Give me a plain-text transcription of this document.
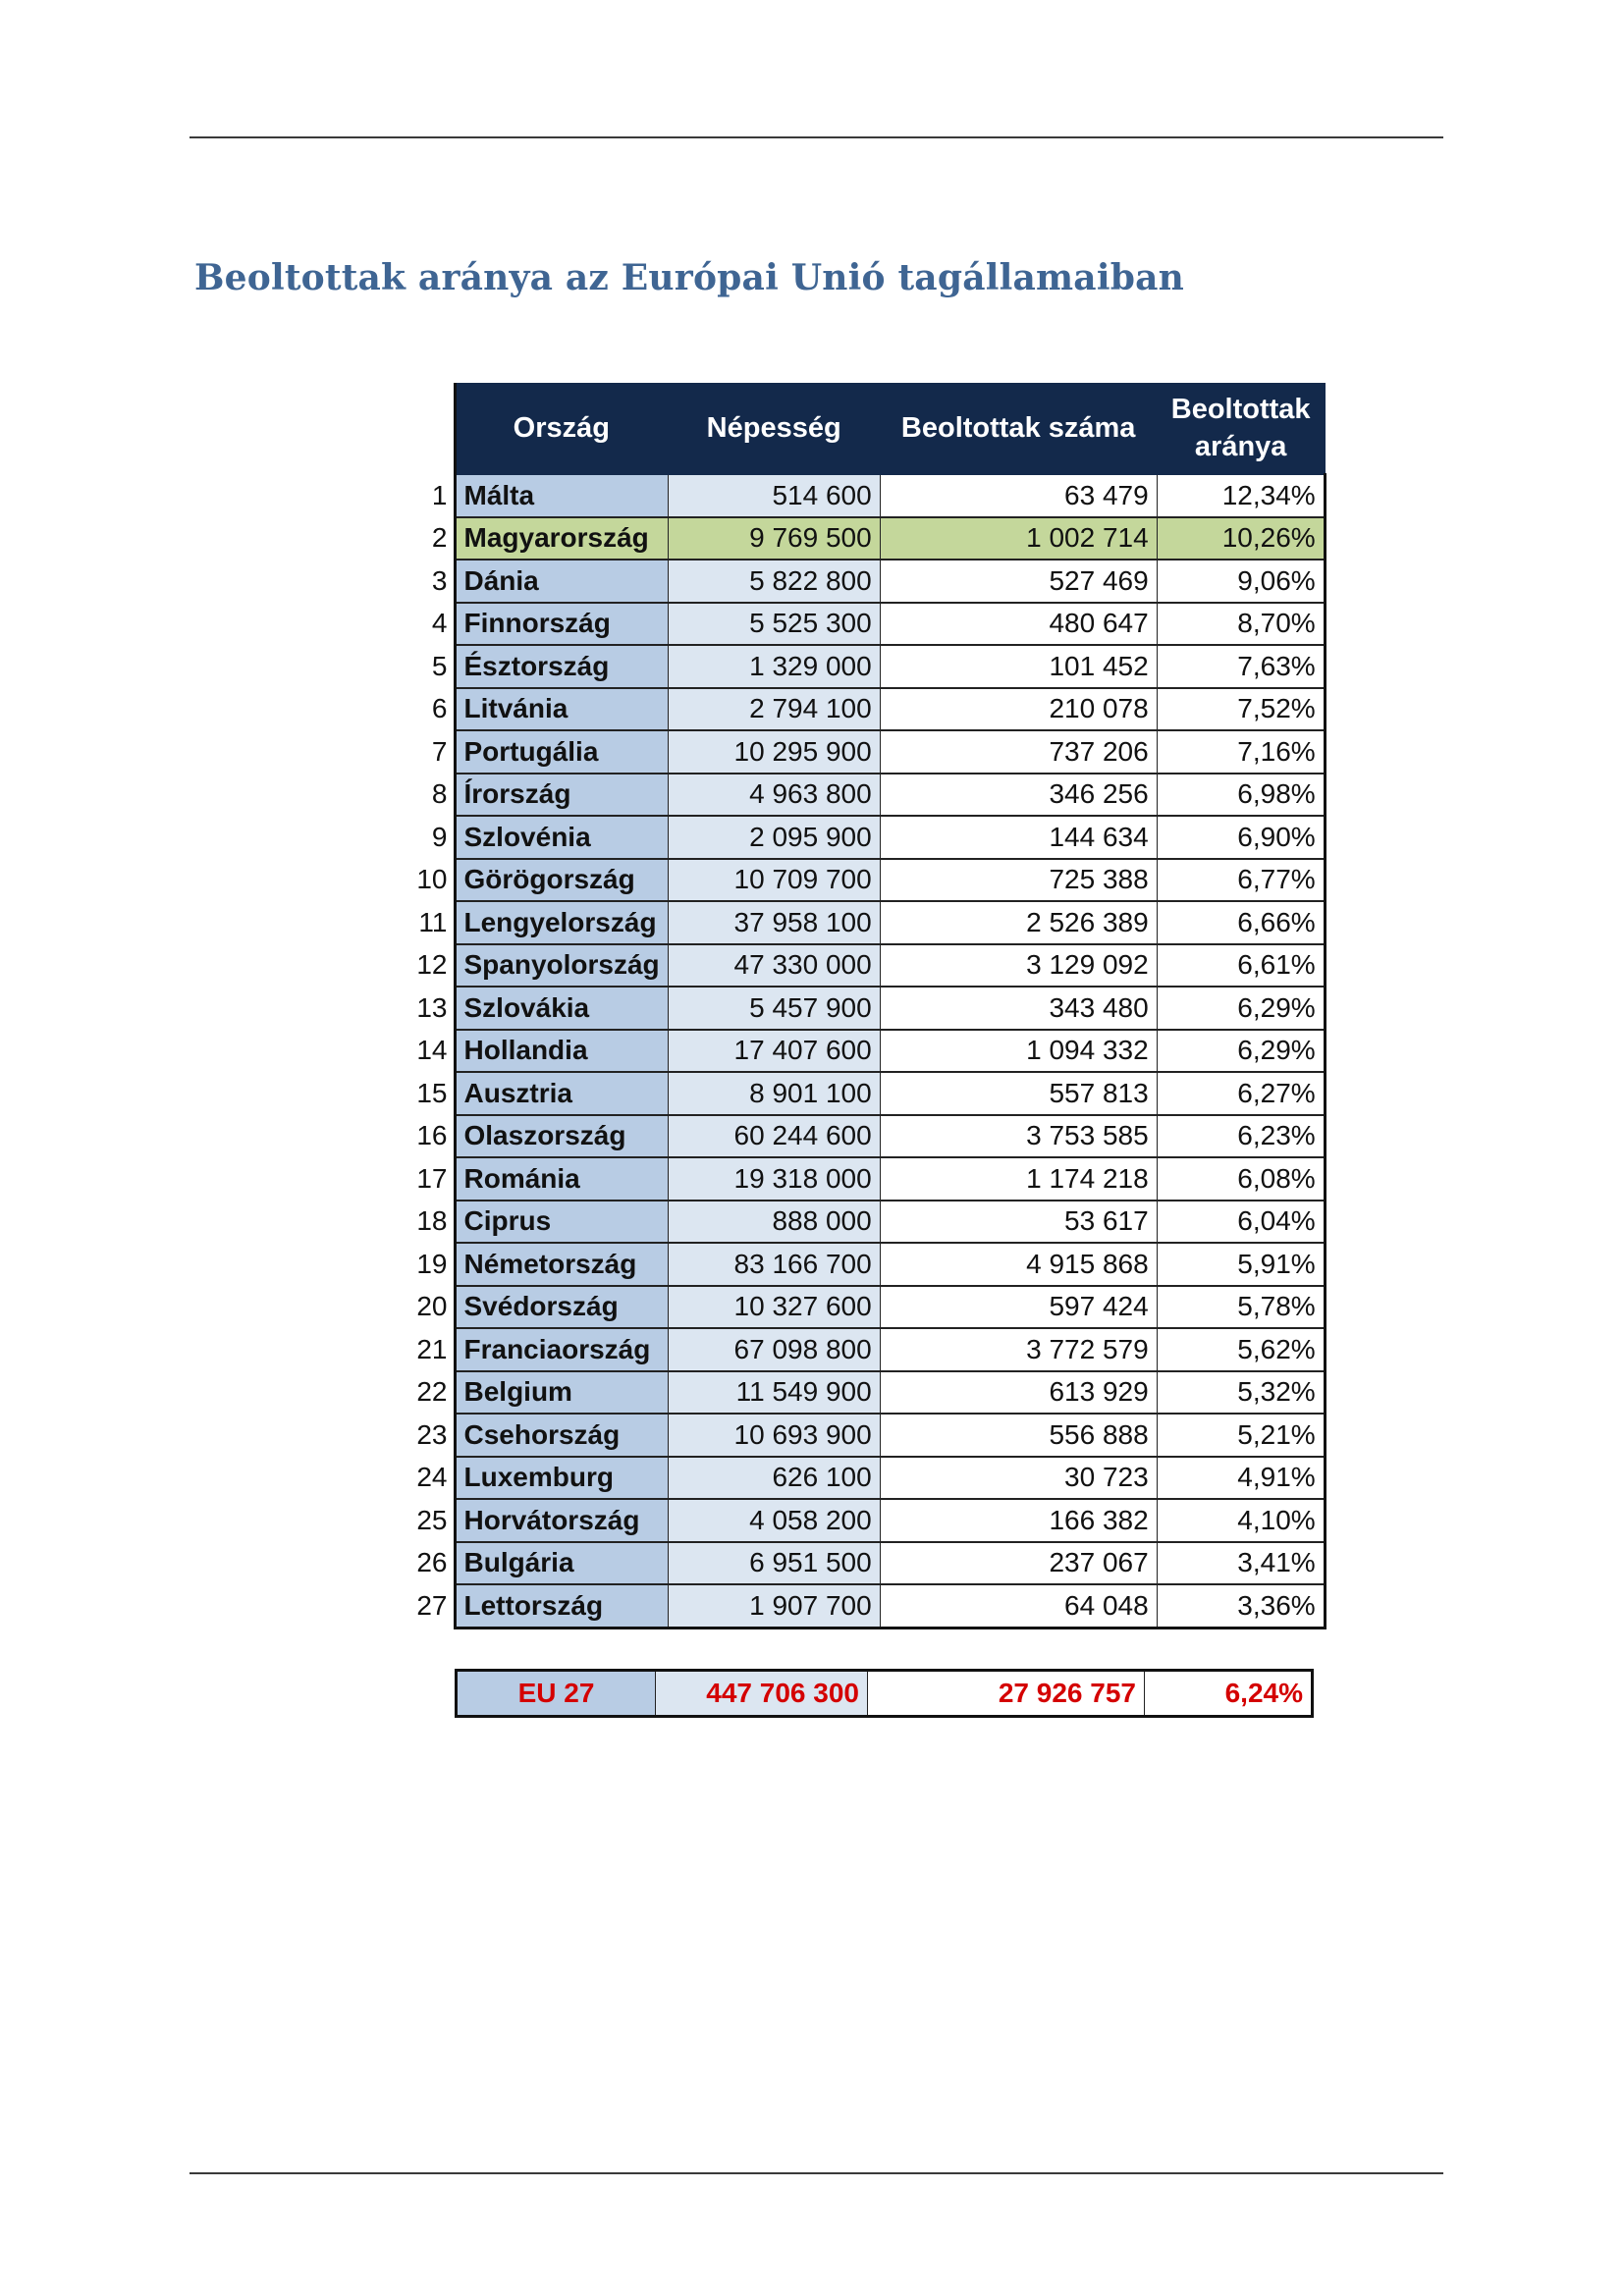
Beoltottak aránya az Európai Unió tagállamaiban
	Ország	Népesség	Beoltottak száma	Beoltottak
aránya
1	Málta	514 600	63 479	12,34%
2	Magyarország	9 769 500	1 002 714	10,26%
3	Dánia	5 822 800	527 469	9,06%
4	Finnország	5 525 300	480 647	8,70%
5	Észtország	1 329 000	101 452	7,63%
6	Litvánia	2 794 100	210 078	7,52%
7	Portugália	10 295 900	737 206	7,16%
8	Írország	4 963 800	346 256	6,98%
9	Szlovénia	2 095 900	144 634	6,90%
10	Görögország	10 709 700	725 388	6,77%
11	Lengyelország	37 958 100	2 526 389	6,66%
12	Spanyolország	47 330 000	3 129 092	6,61%
13	Szlovákia	5 457 900	343 480	6,29%
14	Hollandia	17 407 600	1 094 332	6,29%
15	Ausztria	8 901 100	557 813	6,27%
16	Olaszország	60 244 600	3 753 585	6,23%
17	Románia	19 318 000	1 174 218	6,08%
18	Ciprus	888 000	53 617	6,04%
19	Németország	83 166 700	4 915 868	5,91%
20	Svédország	10 327 600	597 424	5,78%
21	Franciaország	67 098 800	3 772 579	5,62%
22	Belgium	11 549 900	613 929	5,32%
23	Csehország	10 693 900	556 888	5,21%
24	Luxemburg	626 100	30 723	4,91%
25	Horvátország	4 058 200	166 382	4,10%
26	Bulgária	6 951 500	237 067	3,41%
27	Lettország	1 907 700	64 048	3,36%
EU 27	447 706 300	27 926 757	6,24%
